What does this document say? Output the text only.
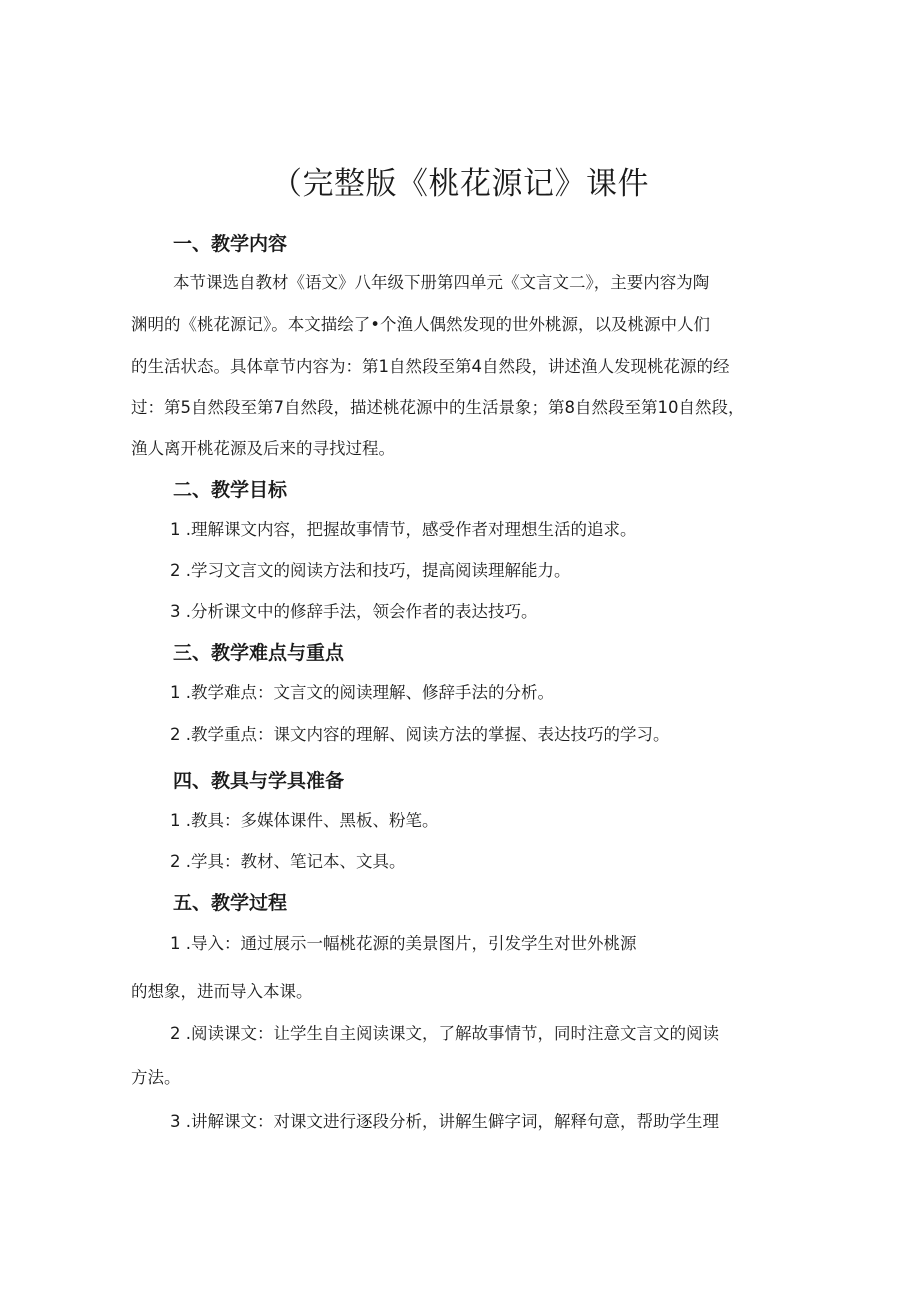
（完整版《桃花源记》课件
一、教学内容
本节课选自教材《语文》八年级下册第四单元《文言文二》，主要内容为陶
渊明的《桃花源记》。本文描绘了•个渔人偶然发现的世外桃源，以及桃源中人们
的生活状态。具体章节内容为：第1自然段至第4自然段，讲述渔人发现桃花源的经
过：第5自然段至第7自然段，描述桃花源中的生活景象；第8自然段至第10自然段，
渔人离开桃花源及后来的寻找过程。
二、教学目标
1 .理解课文内容，把握故事情节，感受作者对理想生活的追求。
2 .学习文言文的阅读方法和技巧，提高阅读理解能力。
3 .分析课文中的修辞手法，领会作者的表达技巧。
三、教学难点与重点
1 .教学难点：文言文的阅读理解、修辞手法的分析。
2 .教学重点：课文内容的理解、阅读方法的掌握、表达技巧的学习。
四、教具与学具准备
1 .教具：多媒体课件、黑板、粉笔。
2 .学具：教材、笔记本、文具。
五、教学过程
1 .导入：通过展示一幅桃花源的美景图片，引发学生对世外桃源
的想象，进而导入本课。
2 .阅读课文：让学生自主阅读课文，了解故事情节，同时注意文言文的阅读
方法。
3 .讲解课文：对课文进行逐段分析，讲解生僻字词，解释句意，帮助学生理
